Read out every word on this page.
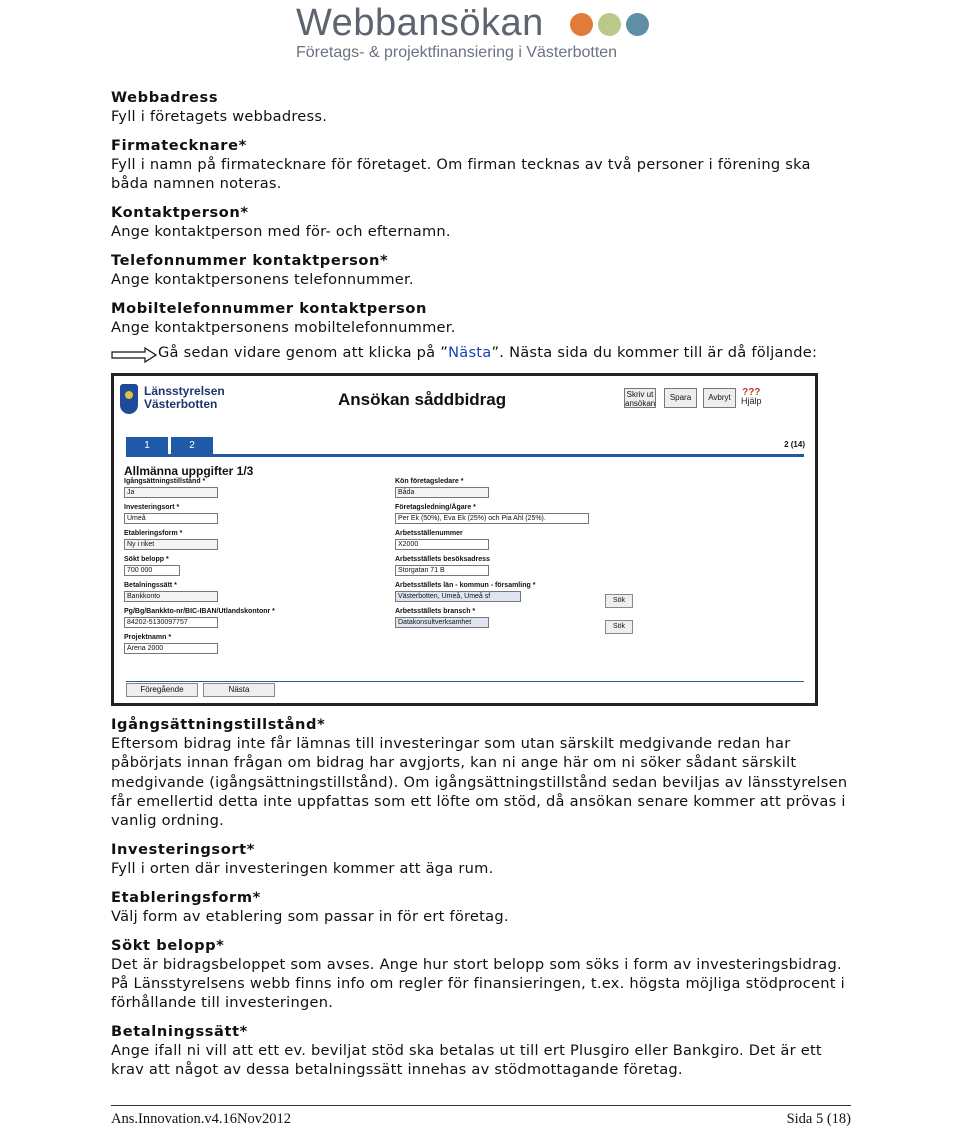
Webbansökan
Företags- & projektfinansiering i Västerbotten
Webbadress
Fyll i företagets webbadress.
Firmatecknare*
Fyll i namn på firmatecknare för företaget. Om firman tecknas av två personer i förening ska båda namnen noteras.
Kontaktperson*
Ange kontaktperson med för- och efternamn.
Telefonnummer kontaktperson*
Ange kontaktpersonens telefonnummer.
Mobiltelefonnummer kontaktperson
Ange kontaktpersonens mobiltelefonnummer.
Gå sedan vidare genom att klicka på ”Nästa”. Nästa sida du kommer till är då följande:
Länsstyrelsen
Västerbotten	Ansökan såddbidrag	Skriv ut ansökan
Spara	Avbryt	???
Hjälp
1	2	2 (14)
Allmänna uppgifter 1/3
Igångsättningstillstånd *
Ja
Investeringsort *
Umeå
Etableringsform *
Ny i riket
Sökt belopp *
700 000
Betalningssätt *
Bankkonto
Pg/Bg/Bankkto-nr/BIC-IBAN/Utlandskontonr *
84202-5130097757
Projektnamn *
Arena 2000
Kön företagsledare *
Båda
Företagsledning/Ägare *
Per Ek (50%), Eva Ek (25%) och Pia Ahl (25%).
Arbetsställenummer
X2000
Arbetsställets besöksadress
Storgatan 71 B
Arbetsställets län - kommun - församling *
Västerbotten, Umeå, Umeå sf
Sök
Arbetsställets bransch *
Datakonsultverksamhet
Sök
Föregående	Nästa
Igångsättningstillstånd*
Eftersom bidrag inte får lämnas till investeringar som utan särskilt medgivande redan har påbörjats innan frågan om bidrag har avgjorts, kan ni ange här om ni söker sådant särskilt medgivande (igångsättningstillstånd). Om igångsättningstillstånd sedan beviljas av länsstyrelsen får emellertid detta inte uppfattas som ett löfte om stöd, då ansökan senare kommer att prövas i vanlig ordning.
Investeringsort*
Fyll i orten där investeringen kommer att äga rum.
Etableringsform*
Välj form av etablering som passar in för ert företag.
Sökt belopp*
Det är bidragsbeloppet som avses. Ange hur stort belopp som söks i form av investeringsbidrag. På Länsstyrelsens webb finns info om regler för finansieringen, t.ex. högsta möjliga stödprocent i förhållande till investeringen.
Betalningssätt*
Ange ifall ni vill att ett ev. beviljat stöd ska betalas ut till ert Plusgiro eller Bankgiro. Det är ett krav att något av dessa betalningssätt innehas av stödmottagande företag.
Ans.Innovation.v4.16Nov2012	Sida 5 (18)
